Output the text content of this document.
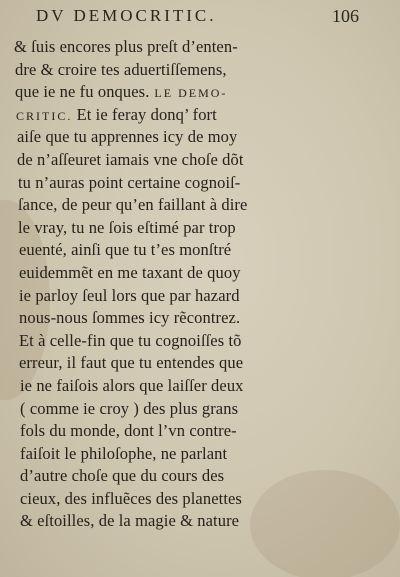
DV DEMOCRITIC.	106
& ſuis encores plus preſt d’enten-
dre & croire tes aduertiſſemens,
que ie ne fu onques. LE DEMO-
CRITIC. Et ie feray donq’ fort
aiſe que tu apprennes icy de moy
de n’aſſeuret iamais vne choſe dõt
tu n’auras point certaine cognoiſ-
ſance, de peur qu’en faillant à dire
le vray, tu ne ſois eſtimé par trop
euenté, ainſi que tu t’es monſtré
euidemmẽt en me taxant de quoy
ie parloy ſeul lors que par hazard
nous-nous ſommes icy rẽcontrez.
Et à celle-fin que tu cognoiſſes tõ
erreur, il faut que tu entendes que
ie ne faiſois alors que laiſſer deux
( comme ie croy ) des plus grans
fols du monde, dont l’vn contre-
faiſoit le philoſophe, ne parlant
d’autre choſe que du cours des
cieux, des influẽces des planettes
& eſtoilles, de la magie & nature
